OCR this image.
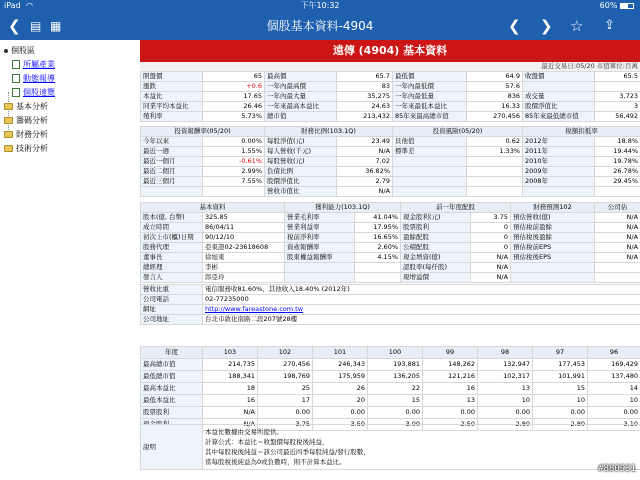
iPad ◠	下午10:32	60%
❮ ▤ ▦	個股基本資料-4904	❮ ❯ ☆ ⇪
個股區
所屬產業
動態報導
個股速覽
基本分析
籌碼分析
財務分析
技術分析
遠傳 (4904) 基本資料
最近交易日:05/20 市值單位:百萬
開盤價	65	最高價	65.7	最低價	64.9	收盤價	65.5
漲跌	+0.6	一年內最高價	83	一年內最低價	57.6		
本益比	17.65	一年內最大量	35,275	一年內最低量	836	成交量	3,723
同業平均本益比	26.46	一年來最高本益比	24.63	一年來最低本益比	16.33	股價淨值比	3
殖利率	5.73%	總市值	213,432	85年來最高總市值	270,456	85年來最低總市值	56,492
投資報酬率(05/20)		財務比例(103.1Q)		投資風險(05/20)		稅額扣抵率	
今年以來	0.00%	每股淨值(元)	23.49	貝他值	0.62	2012年	18.8%
最近一週	1.55%	每人營收(千元)	N/A	標準差	1.33%	2011年	19.44%
最近一個月	-0.61%	每股營收(元)	7.02			2010年	19.78%
最近二個月	2.99%	負債比例	36.82%			2009年	26.78%
最近三個月	7.55%	股價淨值比	2.79			2008年	29.45%
		營收市值比	N/A				
基本資料		獲利能力(103.1Q)		前一年度配股		財務預測102	公司估
股本(億, 台幣)	325.85	營業毛利率	41.04%	現金股利(元)	3.75	預估營收(億)	N/A
成立時間	86/04/11	營業利益率	17.95%	股票股利	0	預估稅前盈餘	N/A
初次上市(櫃)日期	90/12/10	稅前淨利率	16.65%	盈餘配股	0	預估稅後盈餘	N/A
股務代理	亞東證02-23618608	資產報酬率	2.60%	公積配股	0	預估稅前EPS	N/A
董事長	徐旭東	股東權益報酬率	4.15%	現金增資(億)	N/A	預估稅後EPS	N/A
總經理	李彬			認股率(每仟股)	N/A		
發言人	郎亞玲			現增溢價	N/A		
營收比重	電信服務收81.60%、其他收入18.40% (2012年)
公司電話	02-77235000
網址	http://www.fareastone.com.tw
公司地址	台北市敦化南路二段207號28樓
年度	103	102	101	100	99	98	97	96
最高總市值	214,735	270,456	246,343	193,881	148,262	132,947	177,453	169,429
最低總市值	188,341	198,769	175,959	136,205	121,216	102,317	101,991	137,480
最高本益比	18	25	26	22	16	13	15	14
最低本益比	16	17	20	15	13	10	10	10
股票股利	N/A	0.00	0.00	0.00	0.00	0.00	0.00	0.00
	N/A	3.75	3.50	3.00	2.50	2.80	2.80	3.10
說明	
本益比數據由交易所提供。
計算公式：本益比＝收盤價每股稅後純益，
其中每股稅後純益＝該公司最近四季每股純益/發行股數，
當每股稅後純益為0或負數時，則不計算本益比。
#880931
